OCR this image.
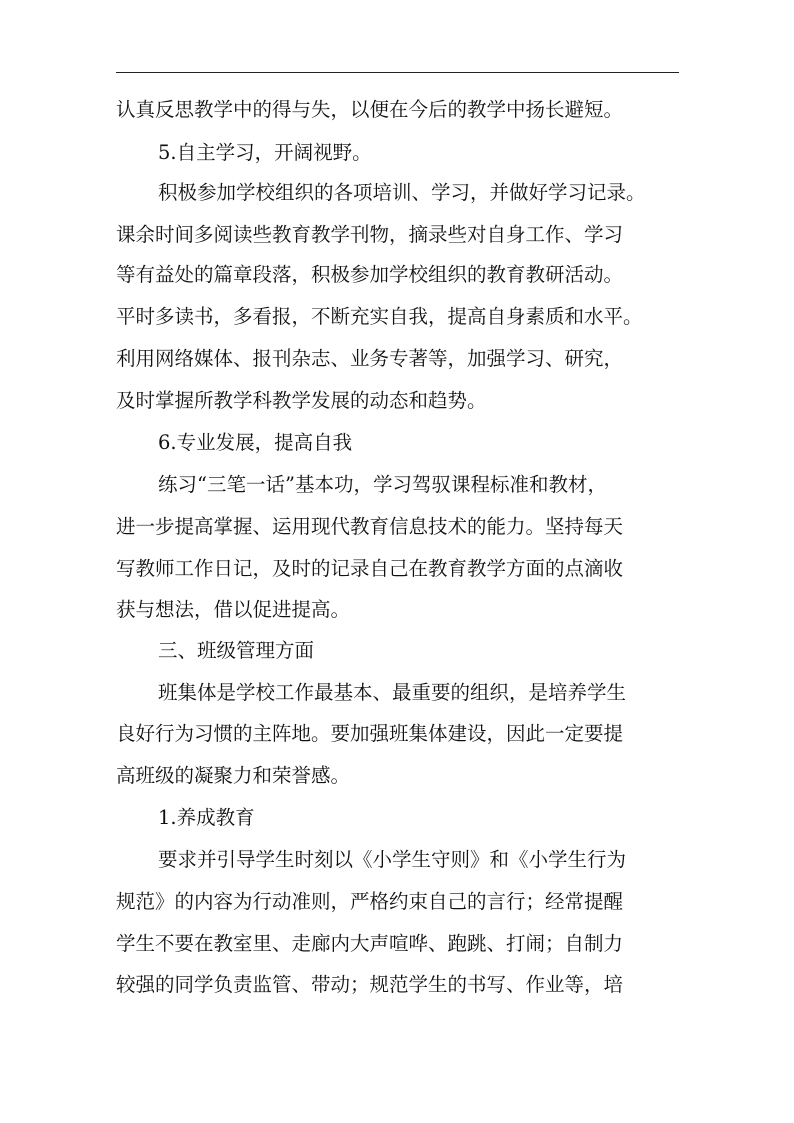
认真反思教学中的得与失，以便在今后的教学中扬长避短。
5.自主学习，开阔视野。
积极参加学校组织的各项培训、学习，并做好学习记录。
课余时间多阅读些教育教学刊物，摘录些对自身工作、学习
等有益处的篇章段落，积极参加学校组织的教育教研活动。
平时多读书，多看报，不断充实自我，提高自身素质和水平。
利用网络媒体、报刊杂志、业务专著等，加强学习、研究，
及时掌握所教学科教学发展的动态和趋势。
6.专业发展，提高自我
练习“三笔一话”基本功，学习驾驭课程标准和教材，
进一步提高掌握、运用现代教育信息技术的能力。坚持每天
写教师工作日记，及时的记录自己在教育教学方面的点滴收
获与想法，借以促进提高。
三、班级管理方面
班集体是学校工作最基本、最重要的组织，是培养学生
良好行为习惯的主阵地。要加强班集体建设，因此一定要提
高班级的凝聚力和荣誉感。
1.养成教育
要求并引导学生时刻以《小学生守则》和《小学生行为
规范》的内容为行动准则，严格约束自己的言行；经常提醒
学生不要在教室里、走廊内大声喧哗、跑跳、打闹；自制力
较强的同学负责监管、带动；规范学生的书写、作业等，培
